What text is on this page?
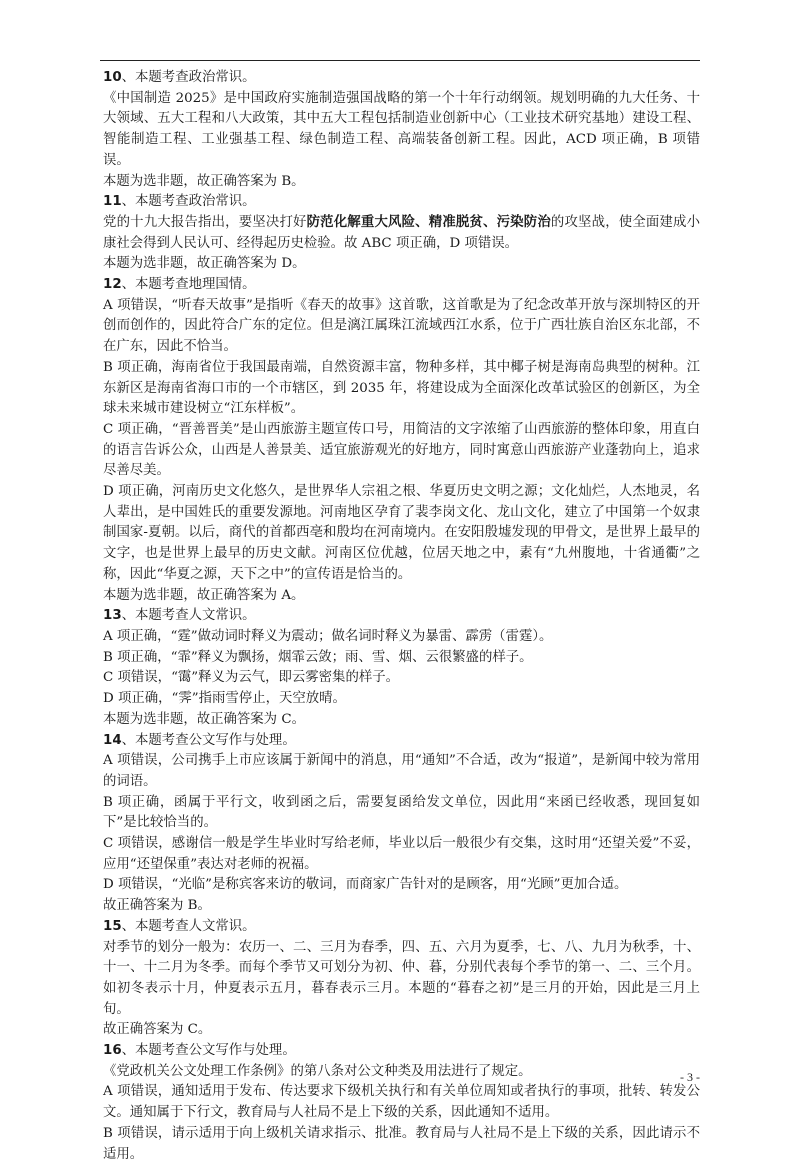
10、本题考查政治常识。

《中国制造 2025》是中国政府实施制造强国战略的第一个十年行动纲领。规划明确的九大任务、十大领域、五大工程和八大政策，其中五大工程包括制造业创新中心（工业技术研究基地）建设工程、智能制造工程、工业强基工程、绿色制造工程、高端装备创新工程。因此，ACD 项正确，B 项错误。

本题为选非题，故正确答案为 B。

11、本题考查政治常识。

党的十九大报告指出，要坚决打好防范化解重大风险、精准脱贫、污染防治的攻坚战，使全面建成小康社会得到人民认可、经得起历史检验。故 ABC 项正确，D 项错误。

本题为选非题，故正确答案为 D。

12、本题考查地理国情。

A 项错误，“听春天故事”是指听《春天的故事》这首歌，这首歌是为了纪念改革开放与深圳特区的开创而创作的，因此符合广东的定位。但是漓江属珠江流域西江水系，位于广西壮族自治区东北部，不在广东，因此不恰当。

B 项正确，海南省位于我国最南端，自然资源丰富，物种多样，其中椰子树是海南岛典型的树种。江东新区是海南省海口市的一个市辖区，到 2035 年，将建设成为全面深化改革试验区的创新区，为全球未来城市建设树立“江东样板”。

C 项正确，“晋善晋美”是山西旅游主题宣传口号，用简洁的文字浓缩了山西旅游的整体印象，用直白的语言告诉公众，山西是人善景美、适宜旅游观光的好地方，同时寓意山西旅游产业蓬勃向上，追求尽善尽美。

D 项正确，河南历史文化悠久，是世界华人宗祖之根、华夏历史文明之源；文化灿烂，人杰地灵，名人辈出，是中国姓氏的重要发源地。河南地区孕育了裴李岗文化、龙山文化，建立了中国第一个奴隶制国家-夏朝。以后，商代的首都西亳和殷均在河南境内。在安阳殷墟发现的甲骨文，是世界上最早的文字，也是世界上最早的历史文献。河南区位优越，位居天地之中，素有“九州腹地，十省通衢”之称，因此“华夏之源，天下之中”的宣传语是恰当的。

本题为选非题，故正确答案为 A。

13、本题考查人文常识。

A 项正确，“霆”做动词时释义为震动；做名词时释义为暴雷、霹雳（雷霆）。

B 项正确，“霏”释义为飘扬，烟霏云敛；雨、雪、烟、云很繁盛的样子。

C 项错误，“霭”释义为云气，即云雾密集的样子。

D 项正确，“霁”指雨雪停止，天空放晴。

本题为选非题，故正确答案为 C。

14、本题考查公文写作与处理。

A 项错误，公司携手上市应该属于新闻中的消息，用“通知”不合适，改为“报道”，是新闻中较为常用的词语。

B 项正确，函属于平行文，收到函之后，需要复函给发文单位，因此用“来函已经收悉，现回复如下”是比较恰当的。

C 项错误，感谢信一般是学生毕业时写给老师，毕业以后一般很少有交集，这时用“还望关爱”不妥，应用“还望保重”表达对老师的祝福。

D 项错误，“光临”是称宾客来访的敬词，而商家广告针对的是顾客，用“光顾”更加合适。

故正确答案为 B。

15、本题考查人文常识。

对季节的划分一般为：农历一、二、三月为春季，四、五、六月为夏季，七、八、九月为秋季，十、十一、十二月为冬季。而每个季节又可划分为初、仲、暮，分别代表每个季节的第一、二、三个月。如初冬表示十月，仲夏表示五月，暮春表示三月。本题的“暮春之初”是三月的开始，因此是三月上旬。

故正确答案为 C。

16、本题考查公文写作与处理。

《党政机关公文处理工作条例》的第八条对公文种类及用法进行了规定。

A 项错误，通知适用于发布、传达要求下级机关执行和有关单位周知或者执行的事项，批转、转发公文。通知属于下行文，教育局与人社局不是上下级的关系，因此通知不适用。

B 项错误，请示适用于向上级机关请求指示、批准。教育局与人社局不是上下级的关系，因此请示不适用。

- 3 -
